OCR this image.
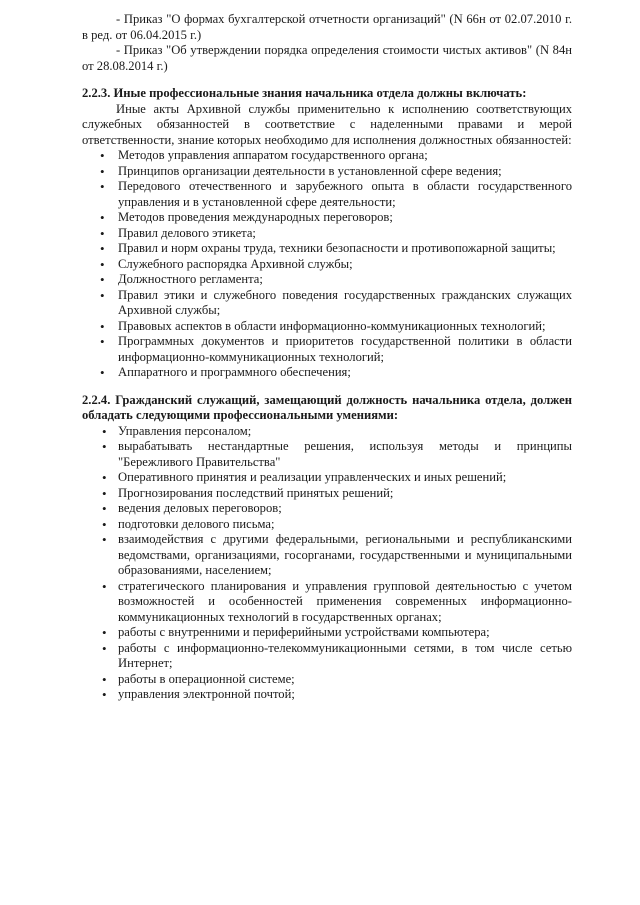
- Приказ "О формах бухгалтерской отчетности организаций" (N 66н от 02.07.2010 г. в ред. от 06.04.2015 г.)

- Приказ "Об утверждении порядка определения стоимости чистых активов" (N 84н от 28.08.2014 г.)

2.2.3. Иные профессиональные знания начальника отдела должны включать:

Иные акты Архивной службы применительно к исполнению соответствующих служебных обязанностей в соответствие с наделенными правами и мерой ответственности, знание которых необходимо для исполнения должностных обязанностей:

• Методов управления аппаратом государственного органа;
• Принципов организации деятельности в установленной сфере ведения;
• Передового отечественного и зарубежного опыта в области государственного управления и в установленной сфере деятельности;
• Методов проведения международных переговоров;
• Правил делового этикета;
• Правил и норм охраны труда, техники безопасности и противопожарной защиты;
• Служебного распорядка Архивной службы;
• Должностного регламента;
• Правил этики и служебного поведения государственных гражданских служащих Архивной службы;
• Правовых аспектов в области информационно-коммуникационных технологий;
• Программных документов и приоритетов государственной политики в области информационно-коммуникационных технологий;
• Аппаратного и программного обеспечения;

2.2.4. Гражданский служащий, замещающий должность начальника отдела, должен обладать следующими профессиональными умениями:

• Управления персоналом;
• вырабатывать нестандартные решения, используя методы и принципы "Бережливого Правительства"
• Оперативного принятия и реализации управленческих и иных решений;
• Прогнозирования последствий принятых решений;
• ведения деловых переговоров;
• подготовки делового письма;
• взаимодействия с другими федеральными, региональными и республиканскими ведомствами, организациями, госорганами, государственными и муниципальными образованиями, населением;
• стратегического планирования и управления групповой деятельностью с учетом возможностей и особенностей применения современных информационно-коммуникационных технологий в государственных органах;
• работы с внутренними и периферийными устройствами компьютера;
• работы с информационно-телекоммуникационными сетями, в том числе сетью Интернет;
• работы в операционной системе;
• управления электронной почтой;
